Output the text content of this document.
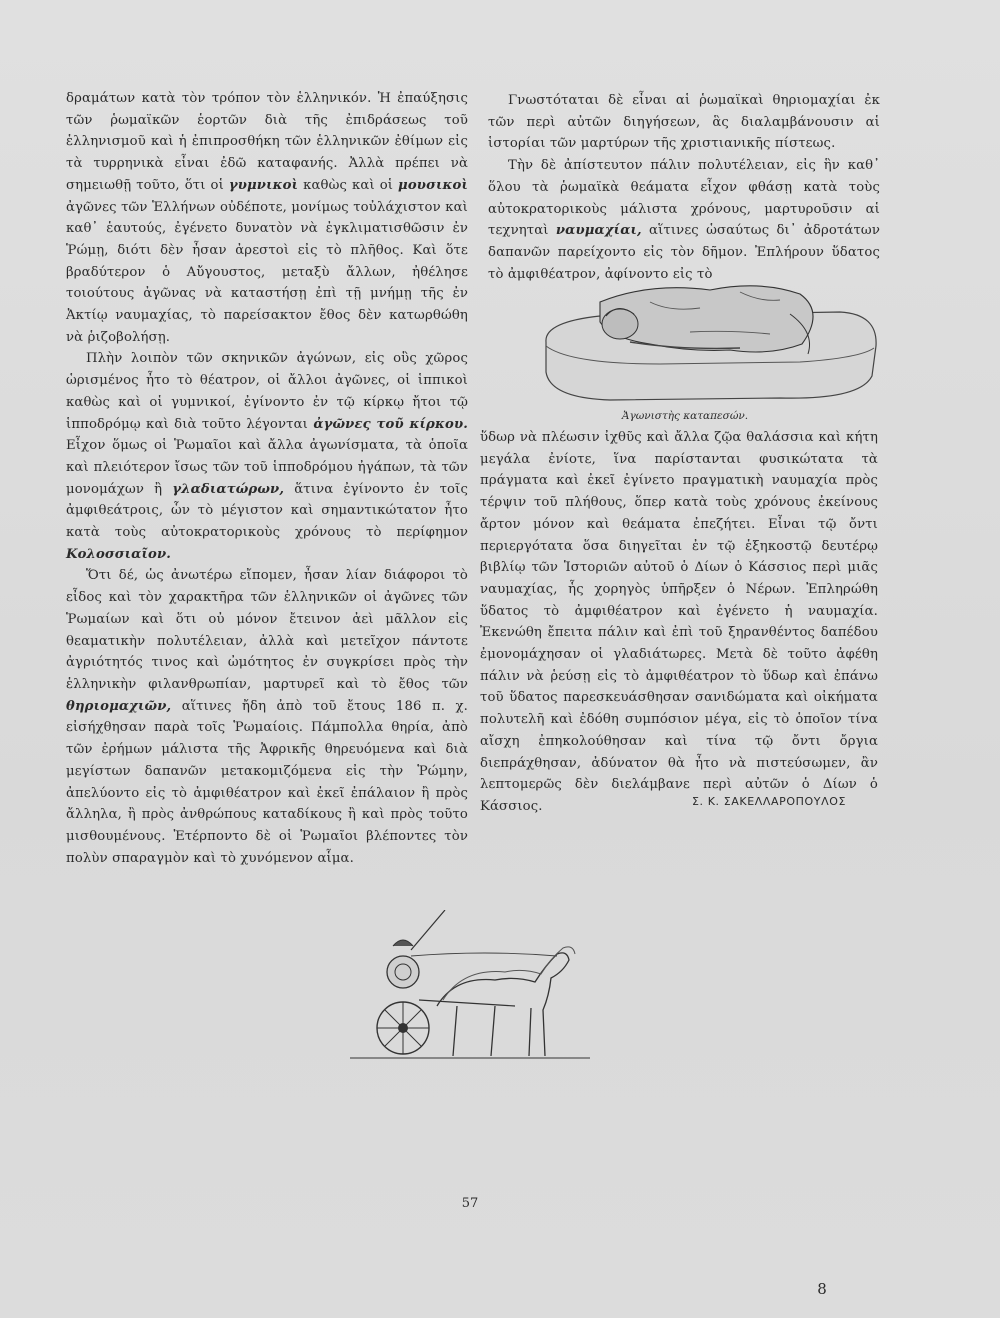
δραμάτων κατὰ τὸν τρόπον τὸν ἑλληνικόν. Ἡ ἐπαύξησις τῶν ῥωμαϊκῶν ἑορτῶν διὰ τῆς ἐπιδράσεως τοῦ ἑλληνισμοῦ καὶ ἡ ἐπιπροσθήκη τῶν ἑλληνικῶν ἐθίμων εἰς τὰ τυρρηνικὰ εἶναι ἐδῶ καταφανής. Ἀλλὰ πρέπει νὰ σημειωθῇ τοῦτο, ὅτι οἱ γυμνικοὶ καθὼς καὶ οἱ μουσικοὶ ἀγῶνες τῶν Ἑλλήνων οὐδέποτε, μονίμως τοὐλάχιστον καὶ καθ᾽ ἑαυτούς, ἐγένετο δυνατὸν νὰ ἐγκλιματισθῶσιν ἐν Ῥώμῃ, διότι δὲν ἦσαν ἀρεστοὶ εἰς τὸ πλῆθος. Καὶ ὅτε βραδύτερον ὁ Αὔγουστος, μεταξὺ ἄλλων, ἠθέλησε τοιούτους ἀγῶνας νὰ καταστήσῃ ἐπὶ τῇ μνήμῃ τῆς ἐν Ἀκτίῳ ναυμαχίας, τὸ παρείσακτον ἔθος δὲν κατωρθώθη νὰ ῥιζοβολήσῃ.

Πλὴν λοιπὸν τῶν σκηνικῶν ἀγώνων, εἰς οὓς χῶρος ὡρισμένος ἦτο τὸ θέατρον, οἱ ἄλλοι ἀγῶνες, οἱ ἱππικοὶ καθὼς καὶ οἱ γυμνικοί, ἐγίνοντο ἐν τῷ κίρκῳ ἤτοι τῷ ἱπποδρόμῳ καὶ διὰ τοῦτο λέγονται ἀγῶνες τοῦ κίρκου. Εἶχον ὅμως οἱ Ῥωμαῖοι καὶ ἄλλα ἀγωνίσματα, τὰ ὁποῖα καὶ πλειότερον ἴσως τῶν τοῦ ἱπποδρόμου ἠγάπων, τὰ τῶν μονομάχων ἢ γλαδιατώρων, ἅτινα ἐγίνοντο ἐν τοῖς ἀμφιθεάτροις, ὧν τὸ μέγιστον καὶ σημαντικώτατον ἦτο κατὰ τοὺς αὐτοκρατορικοὺς χρόνους τὸ περίφημον Κολοσσιαῖον.

Ὅτι δέ, ὡς ἀνωτέρω εἴπομεν, ἦσαν λίαν διάφοροι τὸ εἶδος καὶ τὸν χαρακτῆρα τῶν ἑλληνικῶν οἱ ἀγῶνες τῶν Ῥωμαίων καὶ ὅτι οὐ μόνον ἔτεινον ἀεὶ μᾶλλον εἰς θεαματικὴν πολυτέλειαν, ἀλλὰ καὶ μετεῖχον πάντοτε ἀγριότητός τινος καὶ ὠμότητος ἐν συγκρίσει πρὸς τὴν ἑλληνικὴν φιλανθρωπίαν, μαρτυρεῖ καὶ τὸ ἔθος τῶν θηριομαχιῶν, αἵτινες ἤδη ἀπὸ τοῦ ἔτους 186 π. χ. εἰσήχθησαν παρὰ τοῖς Ῥωμαίοις. Πάμπολλα θηρία, ἀπὸ τῶν ἐρήμων μάλιστα τῆς Ἀφρικῆς θηρευόμενα καὶ διὰ μεγίστων δαπανῶν μετακομιζόμενα εἰς τὴν Ῥώμην, ἀπελύοντο εἰς τὸ ἀμφιθέατρον καὶ ἐκεῖ ἐπάλαιον ἢ πρὸς ἄλληλα, ἢ πρὸς ἀνθρώπους καταδίκους ἢ καὶ πρὸς τοῦτο μισθουμένους. Ἐτέρποντο δὲ οἱ Ῥωμαῖοι βλέποντες τὸν πολὺν σπαραγμὸν καὶ τὸ χυνόμενον αἷμα.

Γνωστόταται δὲ εἶναι αἱ ῥωμαϊκαὶ θηριομαχίαι ἐκ τῶν περὶ αὐτῶν διηγήσεων, ἃς διαλαμβάνουσιν αἱ ἱστορίαι τῶν μαρτύρων τῆς χριστιανικῆς πίστεως.

Τὴν δὲ ἀπίστευτον πάλιν πολυτέλειαν, εἰς ἣν καθ᾽ ὅλου τὰ ῥωμαϊκὰ θεάματα εἶχον φθάσῃ κατὰ τοὺς αὐτοκρατορικοὺς μάλιστα χρόνους, μαρτυροῦσιν αἱ τεχνηταὶ ναυμαχίαι, αἵτινες ὡσαύτως δι᾽ ἀδροτάτων δαπανῶν παρείχοντο εἰς τὸν δῆμον. Ἐπλήρουν ὕδατος τὸ ἀμφιθέατρον, ἀφίνοντο εἰς τὸ

Ἀγωνιστὴς καταπεσών.

ὕδωρ νὰ πλέωσιν ἰχθῦς καὶ ἄλλα ζῷα θαλάσσια καὶ κήτη μεγάλα ἐνίοτε, ἵνα παρίστανται φυσικώτατα τὰ πράγματα καὶ ἐκεῖ ἐγίνετο πραγματικὴ ναυμαχία πρὸς τέρψιν τοῦ πλήθους, ὅπερ κατὰ τοὺς χρόνους ἐκείνους ἄρτον μόνον καὶ θεάματα ἐπεζήτει. Εἶναι τῷ ὄντι περιεργότατα ὅσα διηγεῖται ἐν τῷ ἑξηκοστῷ δευτέρῳ βιβλίῳ τῶν Ἱστοριῶν αὐτοῦ ὁ Δίων ὁ Κάσσιος περὶ μιᾶς ναυμαχίας, ἧς χορηγὸς ὑπῆρξεν ὁ Νέρων. Ἐπληρώθη ὕδατος τὸ ἀμφιθέατρον καὶ ἐγένετο ἡ ναυμαχία. Ἐκενώθη ἔπειτα πάλιν καὶ ἐπὶ τοῦ ξηρανθέντος δαπέδου ἐμονομάχησαν οἱ γλαδιάτωρες. Μετὰ δὲ τοῦτο ἀφέθη πάλιν νὰ ῥεύσῃ εἰς τὸ ἀμφιθέατρον τὸ ὕδωρ καὶ ἐπάνω τοῦ ὕδατος παρεσκευάσθησαν σανιδώματα καὶ οἰκήματα πολυτελῆ καὶ ἐδόθη συμπόσιον μέγα, εἰς τὸ ὁποῖον τίνα αἴσχη ἐπηκολούθησαν καὶ τίνα τῷ ὄντι ὄργια διεπράχθησαν, ἀδύνατον θὰ ἦτο νὰ πιστεύσωμεν, ἂν λεπτομερῶς δὲν διελάμβανε περὶ αὐτῶν ὁ Δίων ὁ Κάσσιος.	Σ. Κ. ΣΑΚΕΛΛΑΡΟΠΟΥΛΟΣ
57
8
